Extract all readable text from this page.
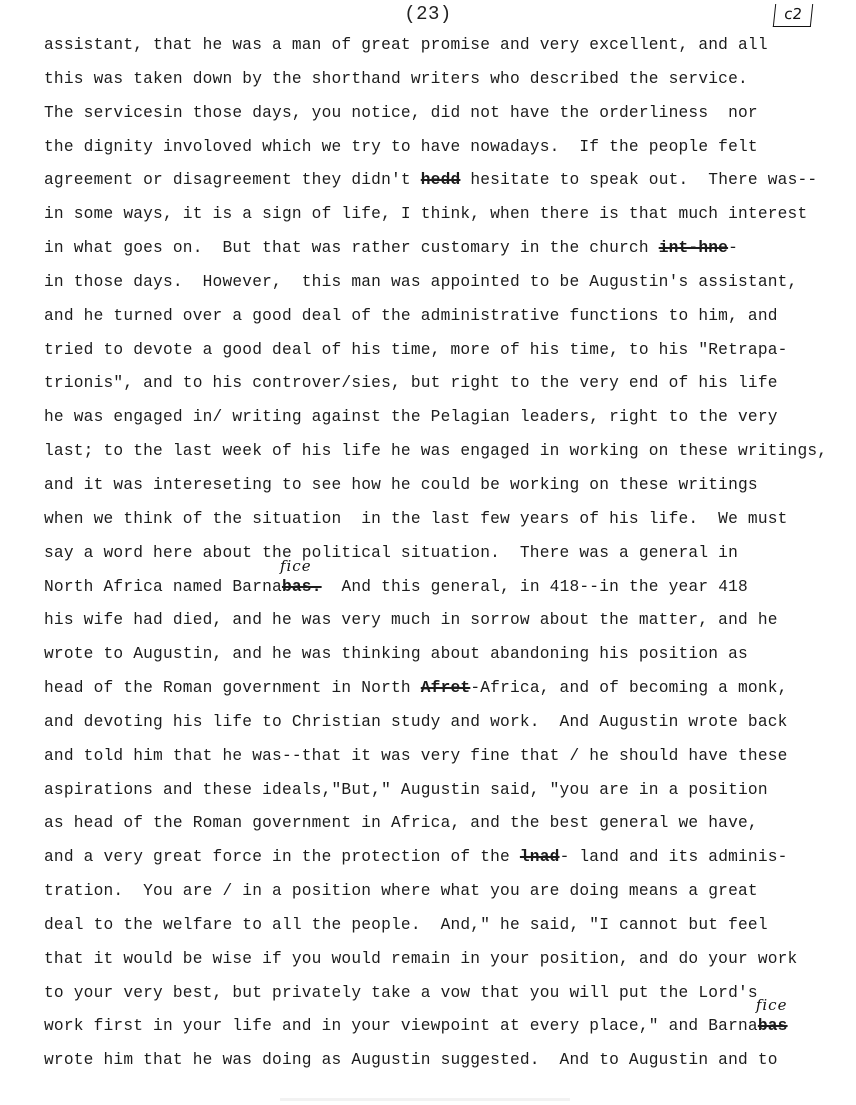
(23)	c2
assistant, that he was a man of great promise and very excellent, and all
this was taken down by the shorthand writers who described the service.
The servicesin those days, you notice, did not have the orderliness  nor
the dignity involoved which we try to have nowadays.  If the people felt
agreement or disagreement they didn't hedd hesitate to speak out.  There was--
in some ways, it is a sign of life, I think, when there is that much interest
in what goes on.  But that was rather customary in the church int-hne-
in those days.  However,  this man was appointed to be Augustin's assistant,
and he turned over a good deal of the administrative functions to him, and
tried to devote a good deal of his time, more of his time, to his "Retrapa-
trionis", and to his controver/sies, but right to the very end of his life
he was engaged in/ writing against the Pelagian leaders, right to the very
last; to the last week of his life he was engaged in working on these writings,
and it was intereseting to see how he could be working on these writings
when we think of the situation  in the last few years of his life.  We must
say a word here about the political situation.  There was a general in
North Africa named Barnabas.
fice
And this general, in 418--in the year 418
his wife had died, and he was very much in sorrow about the matter, and he
wrote to Augustin, and he was thinking about abandoning his position as
head of the Roman government in North Afret-Africa, and of becoming a monk,
and devoting his life to Christian study and work.  And Augustin wrote back
and told him that he was--that it was very fine that / he should have these
aspirations and these ideals,"But," Augustin said, "you are in a position
as head of the Roman government in Africa, and the best general we have,
and a very great force in the protection of the lnad- land and its adminis-
tration.  You are / in a position where what you are doing means a great
deal to the welfare to all the people.  And," he said, "I cannot but feel
that it would be wise if you would remain in your position, and do your work
to your very best, but privately take a vow that you will put the Lord's
work first in your life and in your viewpoint at every place," and Barnabas
fice
wrote him that he was doing as Augustin suggested.  And to Augustin and to
